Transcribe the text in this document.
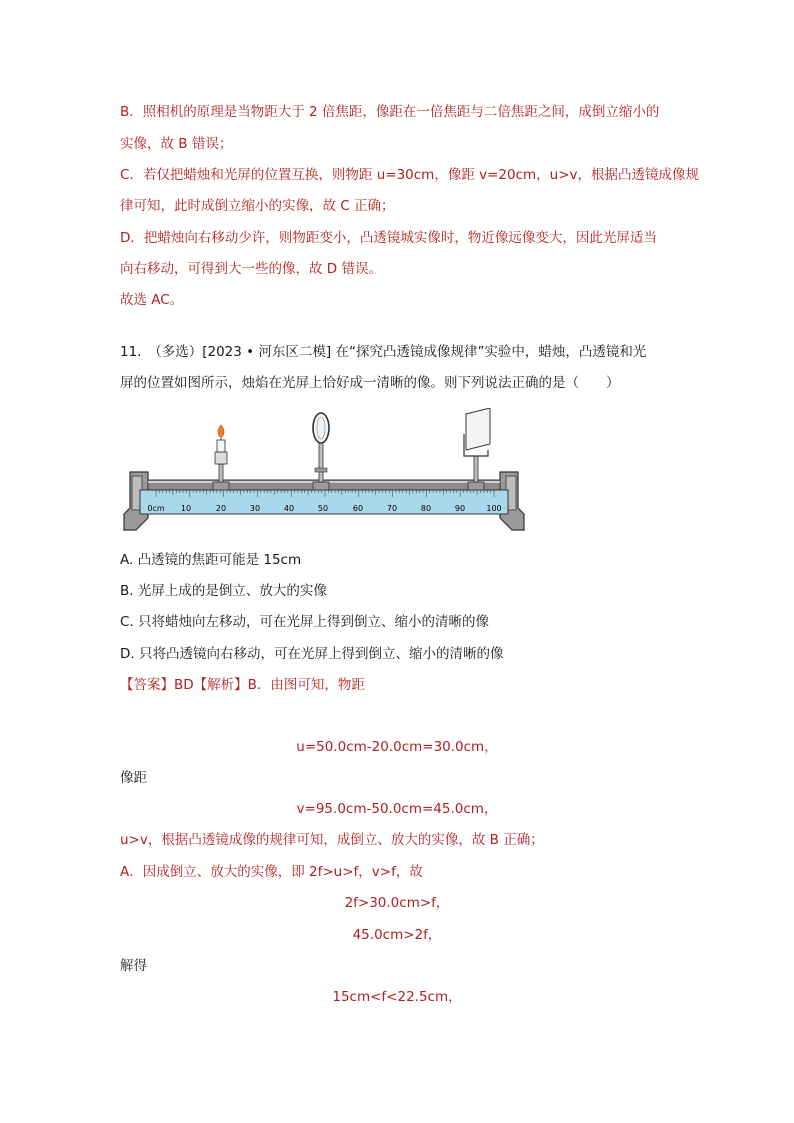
B．照相机的原理是当物距大于 2 倍焦距，像距在一倍焦距与二倍焦距之间，成倒立缩小的
实像，故 B 错误；
C．若仅把蜡烛和光屏的位置互换，则物距 u=30cm，像距 v=20cm，u>v，根据凸透镜成像规
律可知，此时成倒立缩小的实像，故 C 正确；
D．把蜡烛向右移动少许，则物距变小，凸透镜城实像时，物近像远像变大，因此光屏适当
向右移动，可得到大一些的像，故 D 错误。
故选 AC。
11.　（多选）[2023 • 河东区二模] 在“探究凸透镜成像规律”实验中，蜡烛，凸透镜和光
屏的位置如图所示，烛焰在光屏上恰好成一清晰的像。则下列说法正确的是（　　）
0cm 10	20	30	40	50	60	70	80	90	100
A. 凸透镜的焦距可能是 15cm
B. 光屏上成的是倒立、放大的实像
C. 只将蜡烛向左移动，可在光屏上得到倒立、缩小的清晰的像
D. 只将凸透镜向右移动，可在光屏上得到倒立、缩小的清晰的像
【答案】BD【解析】B．由图可知，物距
u=50.0cm-20.0cm=30.0cm，
像距
v=95.0cm-50.0cm=45.0cm，
u>v，根据凸透镜成像的规律可知，成倒立、放大的实像，故 B 正确；
A．因成倒立、放大的实像，即 2f>u>f，v>f，故
2f>30.0cm>f，
45.0cm>2f，
解得
15cm<f<22.5cm，
